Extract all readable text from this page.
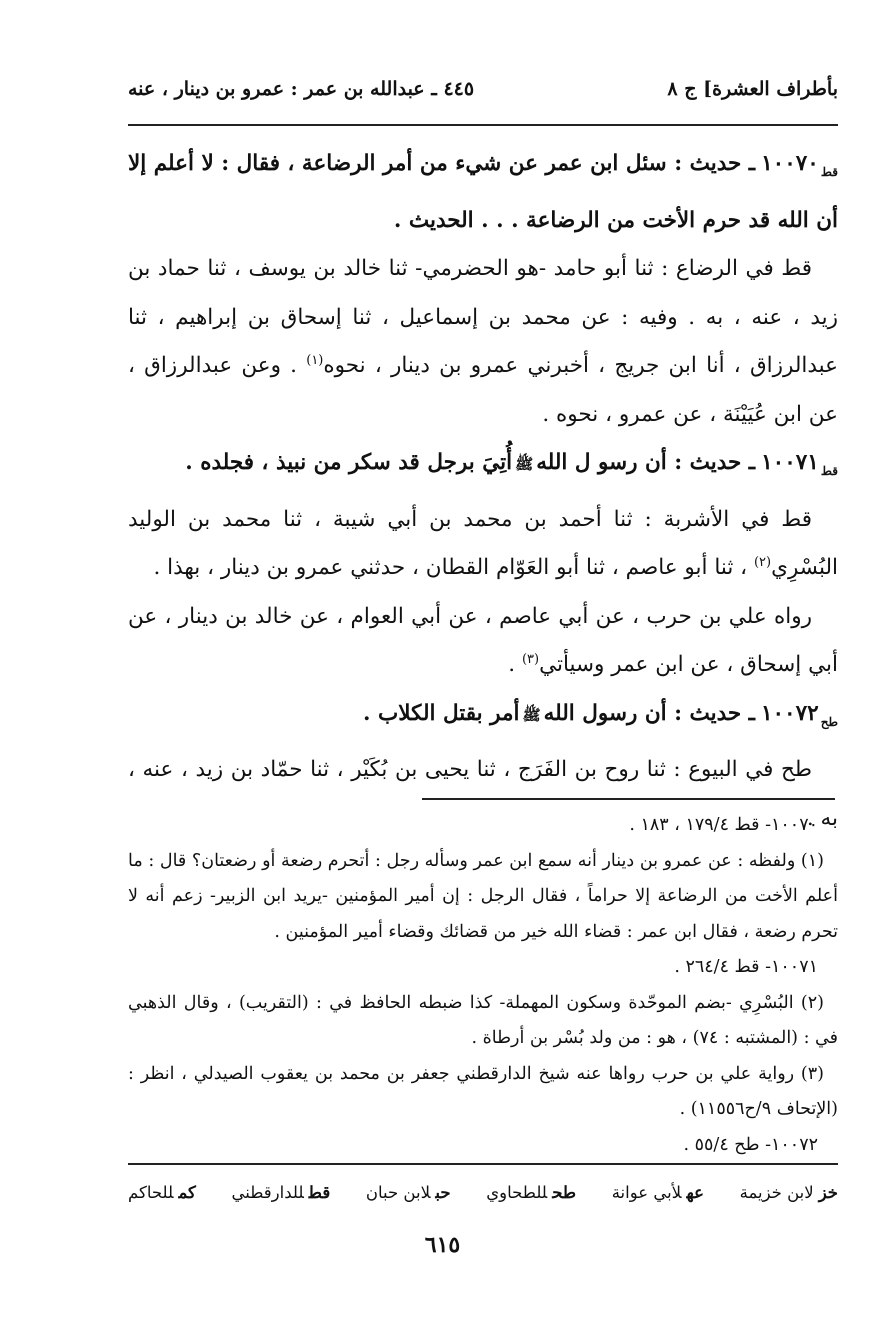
بأطراف العشرة] ج ٨
٤٤٥ ـ عبدالله بن عمر : عمرو بن دينار ، عنه

$_{قط}$١٠٠٧٠ـ حديث : سئل ابن عمر عن شيء من أمر الرضاعة ، فقال : لا أعلم إلا أن الله قد حرم الأخت من الرضاعة . . . الحديث .

قط في الرضاع : ثنا أبو حامد -هو الحضرمي- ثنا خالد بن يوسف ، ثنا حماد بن زيد ، عنه ، به . وفيه : عن محمد بن إسماعيل ، ثنا إسحاق بن إبراهيم ، ثنا عبدالرزاق ، أنا ابن جريج ، أخبرني عمرو بن دينار ، نحوه$^{(١)}$ . وعن عبدالرزاق ، عن ابن عُيَيْنَة ، عن عمرو ، نحوه .

$_{قط}$١٠٠٧١ـ حديث : أن رسو ل اللهﷺأُتِيَ برجل قد سكر من نبيذ ، فجلده .

قط في الأشربة : ثنا أحمد بن محمد بن أبي شيبة ، ثنا محمد بن الوليد البُسْرِي$^{(٢)}$ ، ثنا أبو عاصم ، ثنا أبو العَوّام القطان ، حدثني عمرو بن دينار ، بهذا .

رواه علي بن حرب ، عن أبي عاصم ، عن أبي العوام ، عن خالد بن دينار ، عن أبي إسحاق ، عن ابن عمر وسيأتي$^{(٣)}$ .

$_{طح}$١٠٠٧٢ـ حديث : أن رسول اللهﷺأمر بقتل الكلاب .

طح في البيوع : ثنا روح بن الفَرَج ، ثنا يحيى بن بُكَيْر ، ثنا حمّاد بن زيد ، عنه ، به .

١٠٠٧٠- قط ١٧٩/٤ ، ١٨٣ .

(١) ولفظه : عن عمرو بن دينار أنه سمع ابن عمر وسأله رجل : أتحرم رضعة أو رضعتان؟ قال : ما أعلم الأخت من الرضاعة إلا حراماً ، فقال الرجل : إن أمير المؤمنين -يريد ابن الزبير- زعم أنه لا تحرم رضعة ، فقال ابن عمر : قضاء الله خير من قضائك وقضاء أمير المؤمنين .

١٠٠٧١- قط ٢٦٤/٤ .

(٢) البُسْرِي -بضم الموحّدة وسكون المهملة- كذا ضبطه الحافظ في : (التقريب) ، وقال الذهبي في : (المشتبه : ٧٤) ، هو : من ولد بُسْر بن أرطاة .

(٣) رواية علي بن حرب رواها عنه شيخ الدارقطني جعفر بن محمد بن يعقوب الصيدلي ، انظر : (الإتحاف ٩/ح١١٥٥٦) .

١٠٠٧٢- طح ٥٥/٤ .

خزلابن خزيمة
عهلأبي عوانة
طحللطحاوي
حبلابن حبان
قطللدارقطني
كمللحاكم
٦١٥
